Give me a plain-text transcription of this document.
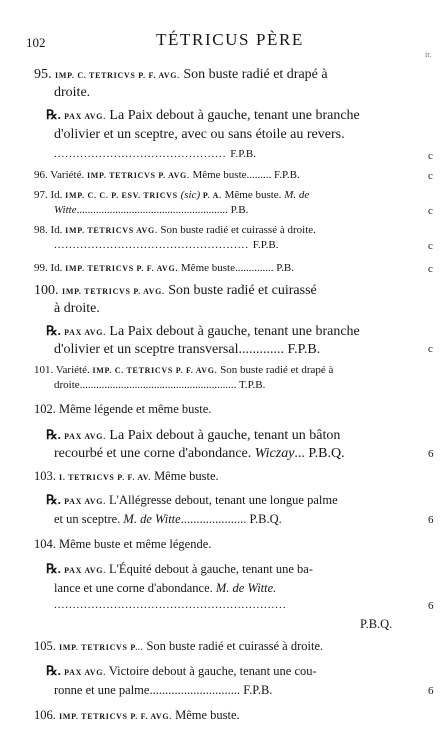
102	TÉTRICUS PÈRE
ir.
95. IMP. C. TETRICVS P. F. AVG. Son buste radié et drapé à
droite.
℞. PAX AVG. La Paix debout à gauche, tenant une branche
d'olivier et un sceptre, avec ou sans étoile au revers.
.............................................. F.P.B.
96. Variété. IMP. TETRICVS P. AVG. Même buste......... F.P.B.
97. Id. IMP. C. C. P. ESV. TRICVS (sic) P. A. Même buste. M. de
Witte....................................................... P.B.
98. Id. IMP. TETRICVS AVG. Son buste radié et cuirassé à droite.
.................................................... F.P.B.
99. Id. IMP. TETRICVS P. F. AVG. Même buste.............. P.B.
100. IMP. TETRICVS P. AVG. Son buste radié et cuirassé
à droite.
℞. PAX AVG. La Paix debout à gauche, tenant une branche
d'olivier et un sceptre transversal............. F.P.B.
101. Variété. IMP. C. TETRICVS P. F. AVG. Son buste radié et drapé à
droite......................................................... T.P.B.
102. Même légende et même buste.
℞. PAX AVG. La Paix debout à gauche, tenant un bâton
recourbé et une corne d'abondance. Wiczay... P.B.Q.
103. I. TETRICVS P. F. AV. Même buste.
℞. PAX AVG. L'Allégresse debout, tenant une longue palme
et un sceptre. M. de Witte..................... P.B.Q.
104. Même buste et même légende.
℞. PAX AVG. L'Équité debout à gauche, tenant une ba-
lance et une corne d'abondance. M. de Witte.
..............................................................
P.B.Q.
105. IMP. TETRICVS P... Son buste radié et cuirassé à droite.
℞. PAX AVG. Victoire debout à gauche, tenant une cou-
ronne et une palme............................. F.P.B.
106. IMP. TETRICVS P. F. AVG. Même buste.
c
c
c
c
c
c
6
6
6
6
